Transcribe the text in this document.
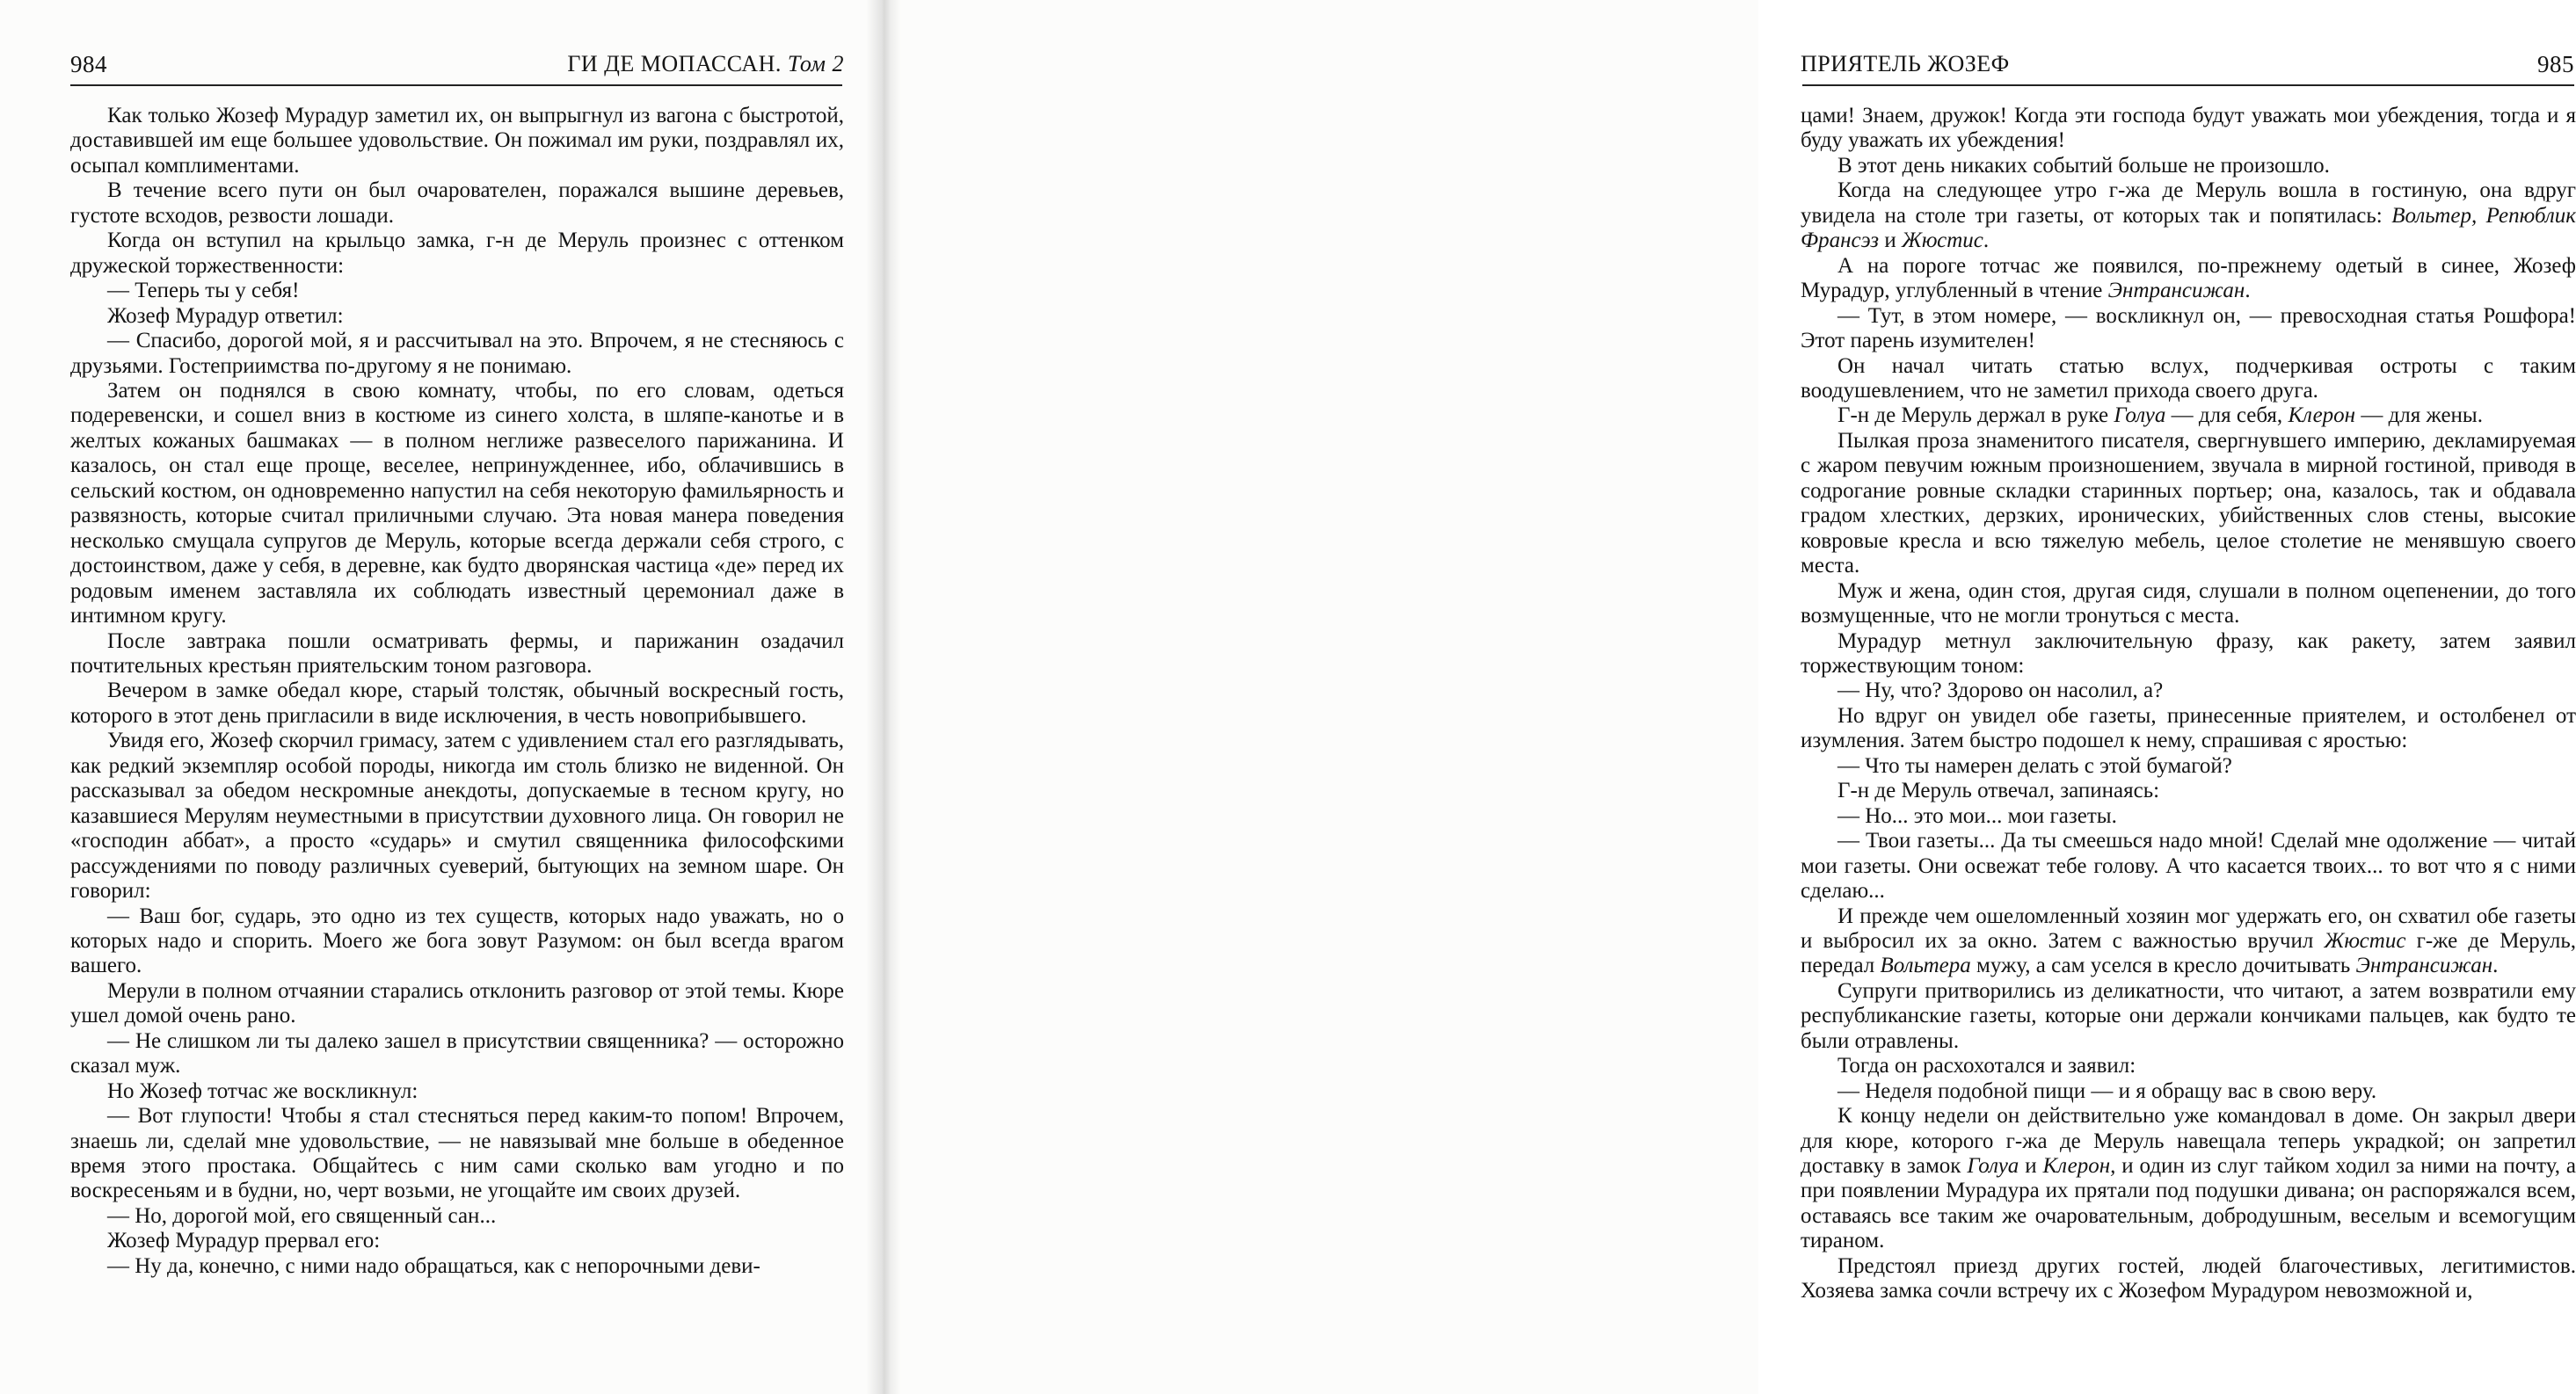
984	ГИ ДЕ МОПАССАН. Том 2

Как только Жозеф Мурадур заметил их, он выпрыгнул из вагона с быстротой, доставившей им еще большее удовольствие. Он пожимал им руки, поздравлял их, осыпал комплиментами.

В течение всего пути он был очарователен, поражался вышине деревьев, густоте всходов, резвости лошади.

Когда он вступил на крыльцо замка, г-н де Меруль произнес с оттенком дружеской торжественности:

— Теперь ты у себя!

Жозеф Мурадур ответил:

— Спасибо, дорогой мой, я и рассчитывал на это. Впрочем, я не стесняюсь с друзьями. Гостеприимства по-другому я не понимаю.

Затем он поднялся в свою комнату, чтобы, по его словам, одеться подеревенски, и сошел вниз в костюме из синего холста, в шляпе-канотье и в желтых кожаных башмаках — в полном неглиже развеселого парижанина. И казалось, он стал еще проще, веселее, непринужденнее, ибо, облачившись в сельский костюм, он одновременно напустил на себя некоторую фамильярность и развязность, которые считал приличными случаю. Эта новая манера поведения несколько смущала супругов де Меруль, которые всегда держали себя строго, с достоинством, даже у себя, в деревне, как будто дворянская частица «де» перед их родовым именем заставляла их соблюдать известный церемониал даже в интимном кругу.

После завтрака пошли осматривать фермы, и парижанин озадачил почтительных крестьян приятельским тоном разговора.

Вечером в замке обедал кюре, старый толстяк, обычный воскресный гость, которого в этот день пригласили в виде исключения, в честь новоприбывшего.

Увидя его, Жозеф скорчил гримасу, затем с удивлением стал его разглядывать, как редкий экземпляр особой породы, никогда им столь близко не виденной. Он рассказывал за обедом нескромные анекдоты, допускаемые в тесном кругу, но казавшиеся Мерулям неуместными в присутствии духовного лица. Он говорил не «господин аббат», а просто «сударь» и смутил священника философскими рассуждениями по поводу различных суеверий, бытующих на земном шаре. Он говорил:

— Ваш бог, сударь, это одно из тех существ, которых надо уважать, но о которых надо и спорить. Моего же бога зовут Разумом: он был всегда врагом вашего.

Мерули в полном отчаянии старались отклонить разговор от этой темы. Кюре ушел домой очень рано.

— Не слишком ли ты далеко зашел в присутствии священника? — осторожно сказал муж.

Но Жозеф тотчас же воскликнул:

— Вот глупости! Чтобы я стал стесняться перед каким-то попом! Впрочем, знаешь ли, сделай мне удовольствие, — не навязывай мне больше в обеденное время этого простака. Общайтесь с ним сами сколько вам угодно и по воскресеньям и в будни, но, черт возьми, не угощайте им своих друзей.

— Но, дорогой мой, его священный сан...

Жозеф Мурадур прервал его:

— Ну да, конечно, с ними надо обращаться, как с непорочными деви-

ПРИЯТЕЛЬ ЖОЗЕФ	985

цами! Знаем, дружок! Когда эти господа будут уважать мои убеждения, тогда и я буду уважать их убеждения!

В этот день никаких событий больше не произошло.

Когда на следующее утро г-жа де Меруль вошла в гостиную, она вдруг увидела на столе три газеты, от которых так и попятилась: Вольтер, Репюблик Франсэз и Жюстис.

А на пороге тотчас же появился, по-прежнему одетый в синее, Жозеф Мурадур, углубленный в чтение Энтрансижан.

— Тут, в этом номере, — воскликнул он, — превосходная статья Рошфора! Этот парень изумителен!

Он начал читать статью вслух, подчеркивая остроты с таким воодушевлением, что не заметил прихода своего друга.

Г-н де Меруль держал в руке Голуа — для себя, Клерон — для жены.

Пылкая проза знаменитого писателя, свергнувшего империю, декламируемая с жаром певучим южным произношением, звучала в мирной гостиной, приводя в содрогание ровные складки старинных портьер; она, казалось, так и обдавала градом хлестких, дерзких, иронических, убийственных слов стены, высокие ковровые кресла и всю тяжелую мебель, целое столетие не менявшую своего места.

Муж и жена, один стоя, другая сидя, слушали в полном оцепенении, до того возмущенные, что не могли тронуться с места.

Мурадур метнул заключительную фразу, как ракету, затем заявил торжествующим тоном:

— Ну, что? Здорово он насолил, а?

Но вдруг он увидел обе газеты, принесенные приятелем, и остолбенел от изумления. Затем быстро подошел к нему, спрашивая с яростью:

— Что ты намерен делать с этой бумагой?

Г-н де Меруль отвечал, запинаясь:

— Но... это мои... мои газеты.

— Твои газеты... Да ты смеешься надо мной! Сделай мне одолжение — читай мои газеты. Они освежат тебе голову. А что касается твоих... то вот что я с ними сделаю...

И прежде чем ошеломленный хозяин мог удержать его, он схватил обе газеты и выбросил их за окно. Затем с важностью вручил Жюстис г-же де Меруль, передал Вольтера мужу, а сам уселся в кресло дочитывать Энтрансижан.

Супруги притворились из деликатности, что читают, а затем возвратили ему республиканские газеты, которые они держали кончиками пальцев, как будто те были отравлены.

Тогда он расхохотался и заявил:

— Неделя подобной пищи — и я обращу вас в свою веру.

К концу недели он действительно уже командовал в доме. Он закрыл двери для кюре, которого г-жа де Меруль навещала теперь украдкой; он запретил доставку в замок Голуа и Клерон, и один из слуг тайком ходил за ними на почту, а при появлении Мурадура их прятали под подушки дивана; он распоряжался всем, оставаясь все таким же очаровательным, добродушным, веселым и всемогущим тираном.

Предстоял приезд других гостей, людей благочестивых, легитимистов. Хозяева замка сочли встречу их с Жозефом Мурадуром невозможной и,
